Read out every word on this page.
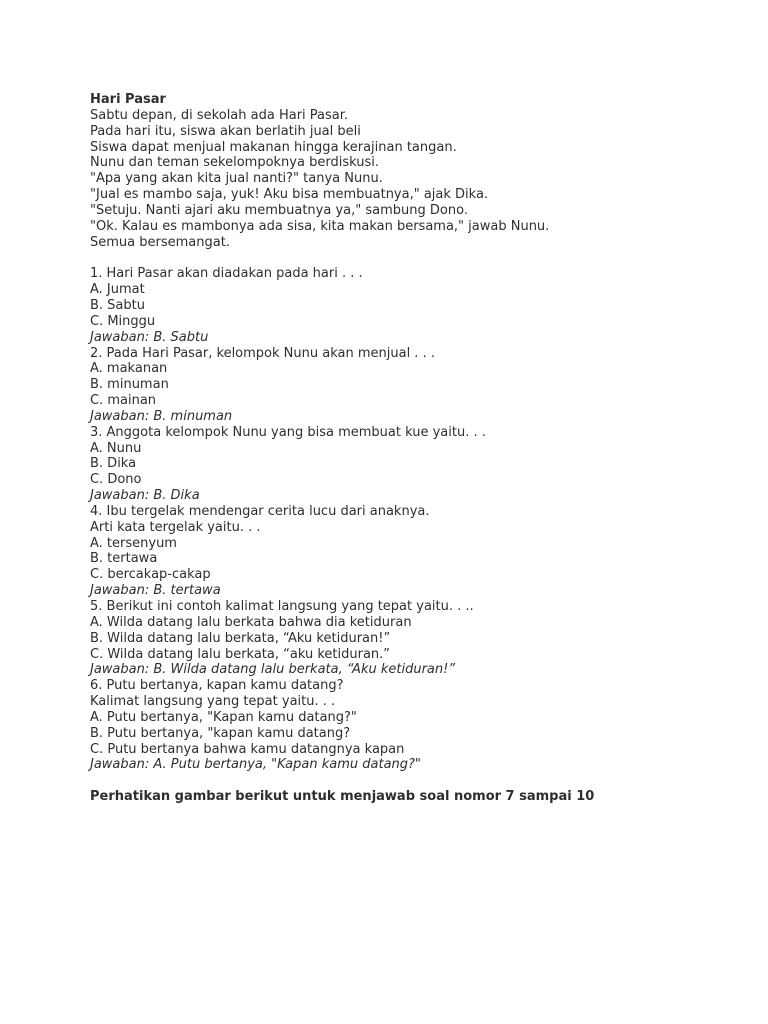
Hari Pasar
Sabtu depan, di sekolah ada Hari Pasar.
Pada hari itu, siswa akan berlatih jual beli
Siswa dapat menjual makanan hingga kerajinan tangan.
Nunu dan teman sekelompoknya berdiskusi.
"Apa yang akan kita jual nanti?" tanya Nunu.
"Jual es mambo saja, yuk! Aku bisa membuatnya," ajak Dika.
"Setuju. Nanti ajari aku membuatnya ya," sambung Dono.
"Ok. Kalau es mambonya ada sisa, kita makan bersama," jawab Nunu.
Semua bersemangat.
1. Hari Pasar akan diadakan pada hari . . .
A. Jumat
B. Sabtu
C. Minggu
Jawaban: B. Sabtu
2. Pada Hari Pasar, kelompok Nunu akan menjual . . .
A. makanan
B. minuman
C. mainan
Jawaban: B. minuman
3. Anggota kelompok Nunu yang bisa membuat kue yaitu. . .
A. Nunu
B. Dika
C. Dono
Jawaban: B. Dika
4. Ibu tergelak mendengar cerita lucu dari anaknya.
Arti kata tergelak yaitu. . .
A. tersenyum
B. tertawa
C. bercakap-cakap
Jawaban: B. tertawa
5. Berikut ini contoh kalimat langsung yang tepat yaitu. . ..
A. Wilda datang lalu berkata bahwa dia ketiduran
B. Wilda datang lalu berkata, “Aku ketiduran!”
C. Wilda datang lalu berkata, “aku ketiduran.”
Jawaban: B. Wilda datang lalu berkata, “Aku ketiduran!”
6. Putu bertanya, kapan kamu datang?
Kalimat langsung yang tepat yaitu. . .
A. Putu bertanya, "Kapan kamu datang?"
B. Putu bertanya, "kapan kamu datang?
C. Putu bertanya bahwa kamu datangnya kapan
Jawaban: A. Putu bertanya, "Kapan kamu datang?"
Perhatikan gambar berikut untuk menjawab soal nomor 7 sampai 10
